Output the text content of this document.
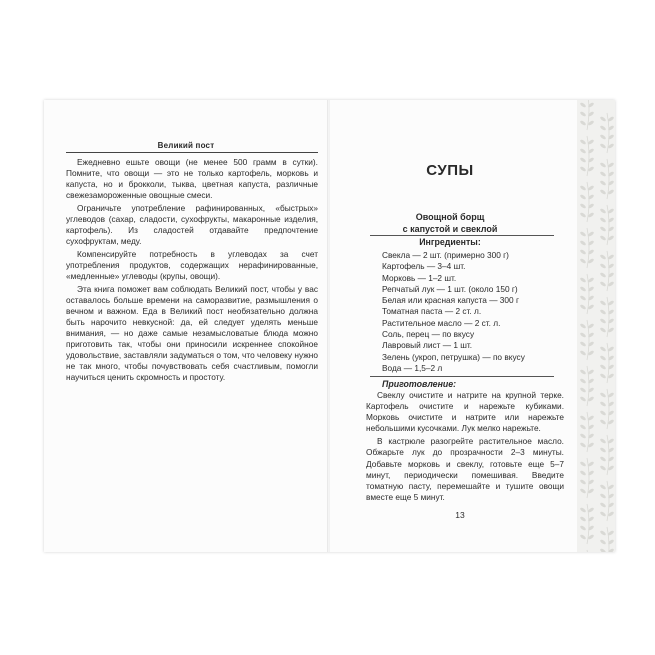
Великий пост

Ежедневно ешьте овощи (не менее 500 грамм в сутки). Помните, что овощи — это не только картофель, морковь и капуста, но и брокколи, тыква, цветная капуста, различные свежезамороженные овощные смеси.

Ограничьте употребление рафинированных, «быстрых» углеводов (сахар, сладости, сухофрукты, макаронные изделия, картофель). Из сладостей отдавайте предпочтение сухофруктам, меду.

Компенсируйте потребность в углеводах за счет употребления продуктов, содержащих нерафинированные, «медленные» углеводы (крупы, овощи).

Эта книга поможет вам соблюдать Великий пост, чтобы у вас оставалось больше времени на саморазвитие, размышления о вечном и важном. Еда в Великий пост необязательно должна быть нарочито невкусной: да, ей следует уделять меньше внимания, — но даже самые незамысловатые блюда можно приготовить так, чтобы они приносили искреннее спокойное удовольствие, заставляли задуматься о том, что человеку нужно не так много, чтобы почувствовать себя счастливым, помогли научиться ценить скромность и простоту.

СУПЫ
Овощной борщ
с капустой и свеклой
Ингредиенты:
Свекла — 2 шт. (примерно 300 г)
Картофель — 3–4 шт.
Морковь — 1–2 шт.
Репчатый лук — 1 шт. (около 150 г)
Белая или красная капуста — 300 г
Томатная паста — 2 ст. л.
Растительное масло — 2 ст. л.
Соль, перец — по вкусу
Лавровый лист — 1 шт.
Зелень (укроп, петрушка) — по вкусу
Вода — 1,5–2 л
Приготовление:

Свеклу очистите и натрите на крупной терке. Картофель очистите и нарежьте кубиками. Морковь очистите и натрите или нарежьте небольшими кусочками. Лук мелко нарежьте.

В кастрюле разогрейте растительное масло. Обжарьте лук до прозрачности 2–3 минуты. Добавьте морковь и свеклу, готовьте еще 5–7 минут, периодически помешивая. Введите томатную пасту, перемешайте и тушите овощи вместе еще 5 минут.

13
